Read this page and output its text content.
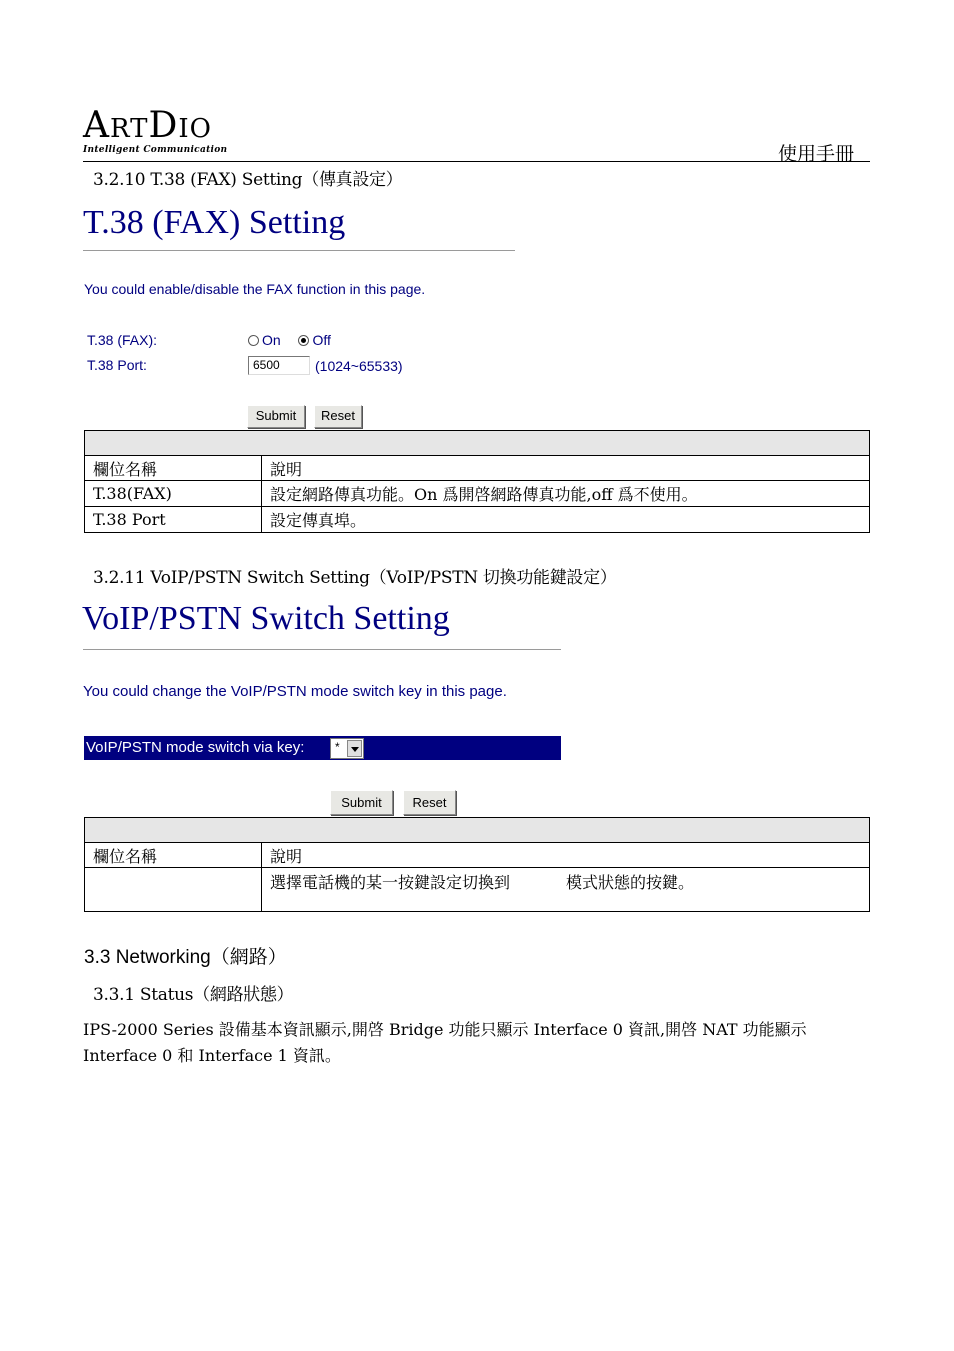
ARTDIO
Intelligent Communication	使用手冊
3.2.10 T.38 (FAX) Setting（傳真設定）
T.38 (FAX) Setting
You could enable/disable the FAX function in this page.
T.38 (FAX):	On Off
T.38 Port:	6500	(1024~65533)
Submit	Reset

欄位名稱	說明
T.38(FAX)	設定網路傳真功能。On 爲開啓網路傳真功能,off 爲不使用。
T.38 Port	設定傳真埠。
3.2.11 VoIP/PSTN Switch Setting（VoIP/PSTN 切換功能鍵設定）
VoIP/PSTN Switch Setting
You could change the VoIP/PSTN mode switch key in this page.
VoIP/PSTN mode switch via key:	*
Submit	Reset

欄位名稱	說明
	選擇電話機的某一按鍵設定切換到 模式狀態的按鍵。
3.3 Networking（網路）
3.3.1 Status（網路狀態）
IPS-2000 Series 設備基本資訊顯示,開啓 Bridge 功能只顯示 Interface 0 資訊,開啓 NAT 功能顯示
Interface 0 和 Interface 1 資訊。
